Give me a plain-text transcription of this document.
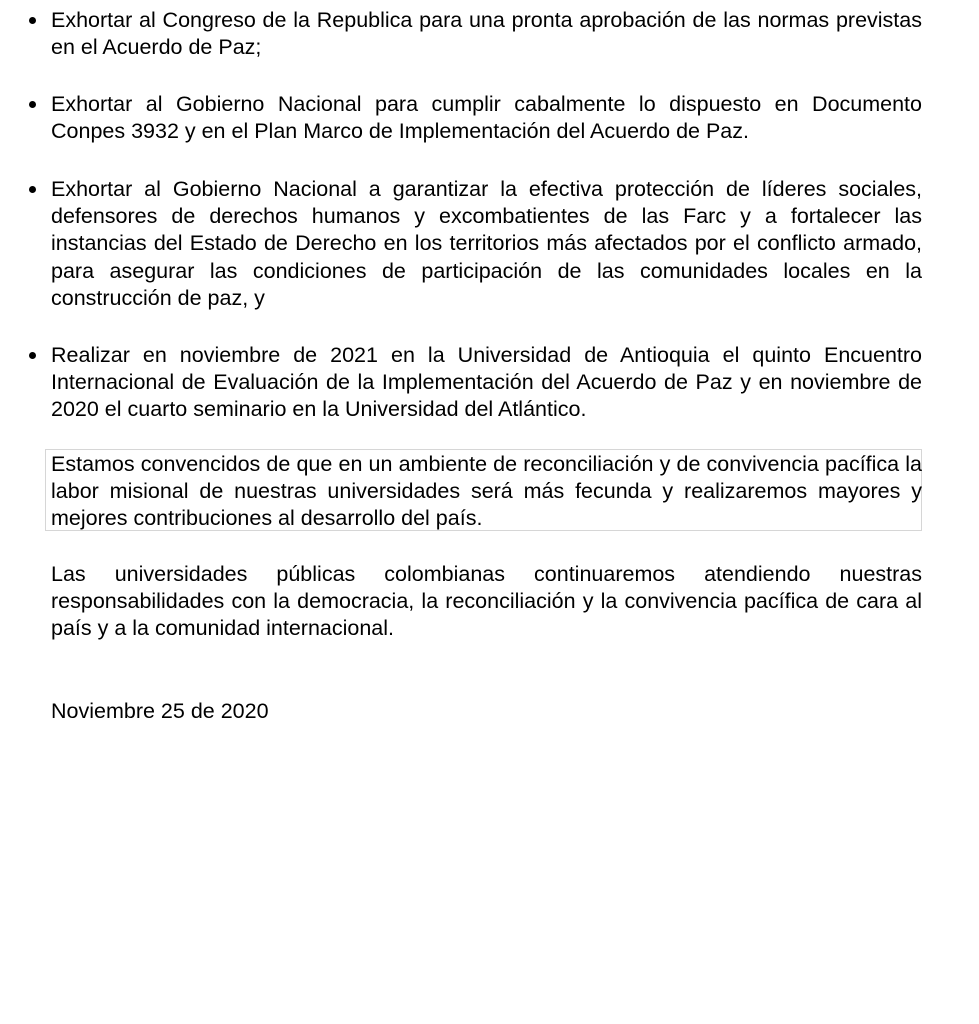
Exhortar al Congreso de la Republica para una pronta aprobación de las normas previstas en el Acuerdo de Paz;
Exhortar al Gobierno Nacional para cumplir cabalmente lo dispuesto en Documento Conpes 3932 y en el Plan Marco de Implementación del Acuerdo de Paz.
Exhortar al Gobierno Nacional a garantizar la efectiva protección de líderes sociales, defensores de derechos humanos y excombatientes de las Farc y a fortalecer las instancias del Estado de Derecho en los territorios más afectados por el conflicto armado, para asegurar las condiciones de participación de las comunidades locales en la construcción de paz, y
Realizar en noviembre de 2021 en la Universidad de Antioquia el quinto Encuentro Internacional de Evaluación de la Implementación del Acuerdo de Paz y en noviembre de 2020 el cuarto seminario en la Universidad del Atlántico.

Estamos convencidos de que en un ambiente de reconciliación y de convivencia pacífica la labor misional de nuestras universidades será más fecunda y realizaremos mayores y mejores contribuciones al desarrollo del país.

Las universidades públicas colombianas continuaremos atendiendo nuestras responsabilidades con la democracia, la reconciliación y la convivencia pacífica de cara al país y a la comunidad internacional.

Noviembre 25 de 2020
